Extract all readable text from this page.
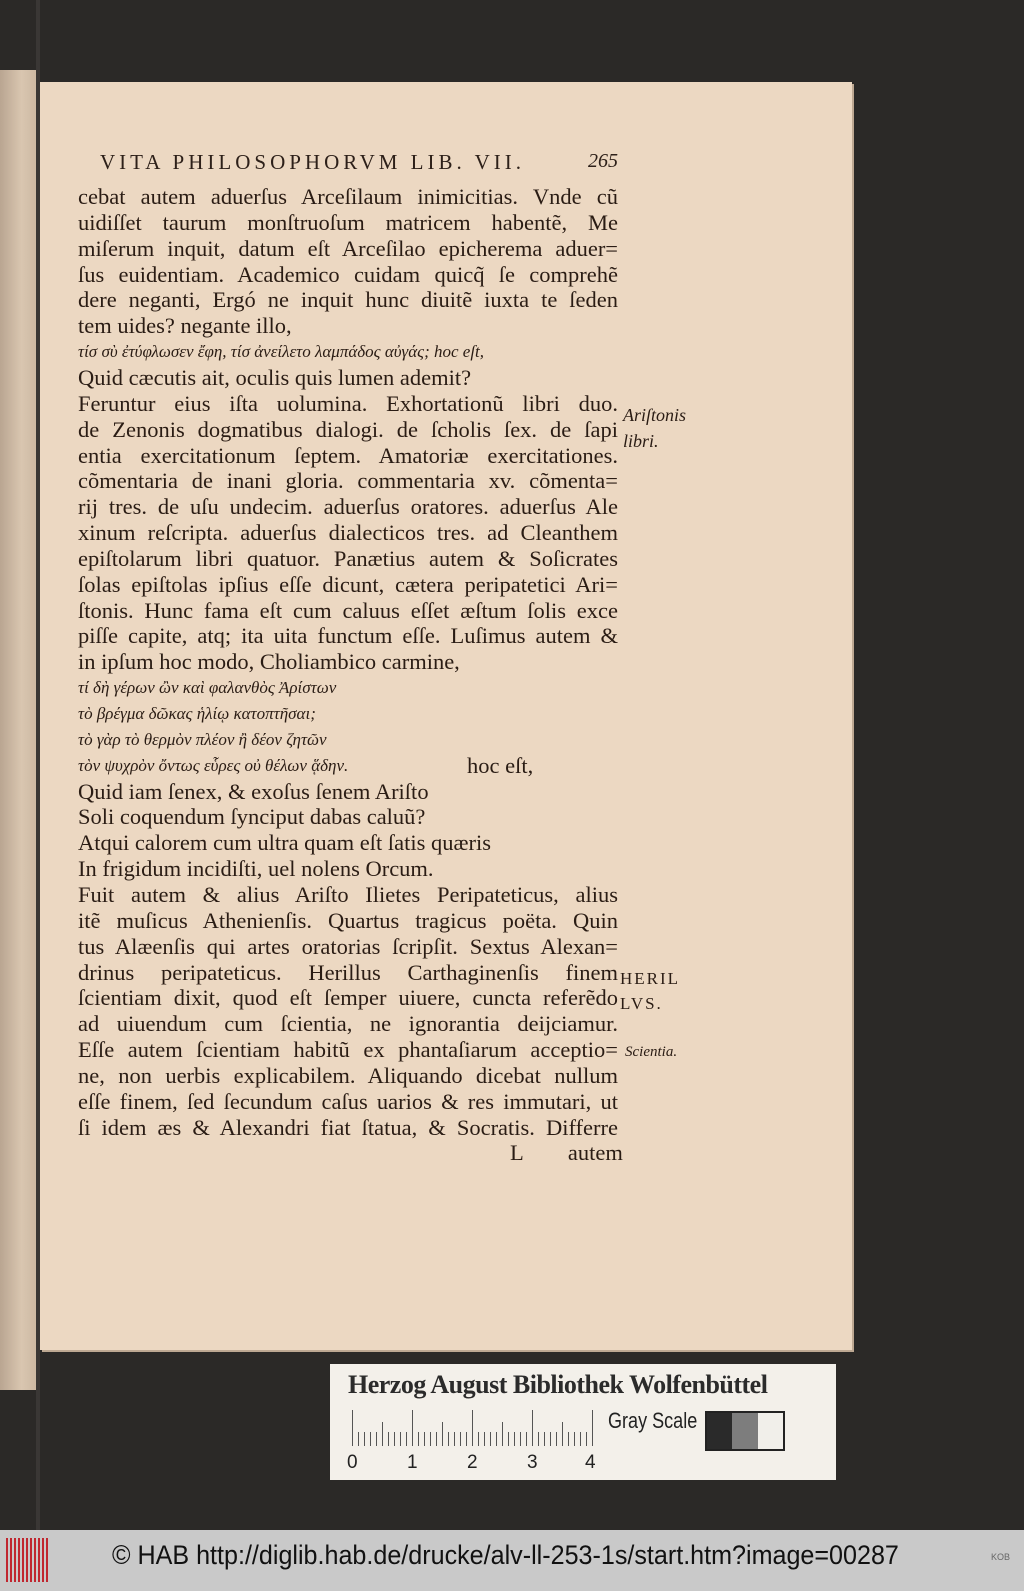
VITA PHILOSOPHORVM LIB. VII.	265
cebat autem aduerſus Arceſilaum inimicitias. Vnde cũ
uidiſſet taurum monſtruoſum matricem habentẽ, Me
miſerum inquit, datum eſt Arceſilao epicherema aduer=
ſus euidentiam. Academico cuidam quicq̃ ſe comprehẽ
dere neganti, Ergó ne inquit hunc diuitẽ iuxta te ſeden
tem uides? negante illo,
τίσ σὺ ἐτύφλωσεν ἔφη, τίσ ἀνείλετο λαμπάδος αὐγάς; hoc eſt,
Quid cæcutis ait, oculis quis lumen ademit?
Feruntur eius iſta uolumina. Exhortationũ libri duo.
de Zenonis dogmatibus dialogi. de ſcholis ſex. de ſapi
entia exercitationum ſeptem. Amatoriæ exercitationes.
cõmentaria de inani gloria. commentaria xv. cõmenta=
rij tres. de uſu undecim. aduerſus oratores. aduerſus Ale
xinum reſcripta. aduerſus dialecticos tres. ad Cleanthem
epiſtolarum libri quatuor. Panætius autem & Soſicrates
ſolas epiſtolas ipſius eſſe dicunt, cætera peripatetici Ari=
ſtonis. Hunc fama eſt cum caluus eſſet æſtum ſolis exce
piſſe capite, atq; ita uita functum eſſe. Luſimus autem &
in ipſum hoc modo, Choliambico carmine,
τί δὴ γέρων ὢν καὶ φαλανθὸς Ἀρίστων
τὸ βρέγμα δῶκας ἡλίῳ κατοπτῆσαι;
τὸ γὰρ τὸ θερμὸν πλέον ἢ δέον ζητῶν
τὸν ψυχρὸν ὄντως εὗρες οὐ θέλων ᾅδην.
Quid iam ſenex, & exoſus ſenem Ariſto
Soli coquendum ſynciput dabas caluũ?
Atqui calorem cum ultra quam eſt ſatis quæris
In frigidum incidiſti, uel nolens Orcum.
Fuit autem & alius Ariſto Ilietes Peripateticus, alius
itẽ muſicus Athenienſis. Quartus tragicus poëta. Quin
tus Alæenſis qui artes oratorias ſcripſit. Sextus Alexan=
drinus peripateticus. Herillus Carthaginenſis finem
ſcientiam dixit, quod eſt ſemper uiuere, cuncta referẽdo
ad uiuendum cum ſcientia, ne ignorantia deijciamur.
Eſſe autem ſcientiam habitũ ex phantaſiarum acceptio=
ne, non uerbis explicabilem. Aliquando dicebat nullum
eſſe finem, ſed ſecundum caſus uarios & res immutari, ut
ſi idem æs & Alexandri fiat ſtatua, & Socratis. Differre
L        autem
hoc eſt,
Ariſtonis
libri.
HERIL
LVS.
Scientia.
Herzog August Bibliothek Wolfenbüttel
0	1	2	3 4
Gray Scale
© HAB http://diglib.hab.de/drucke/alv-ll-253-1s/start.htm?image=00287	KOB
